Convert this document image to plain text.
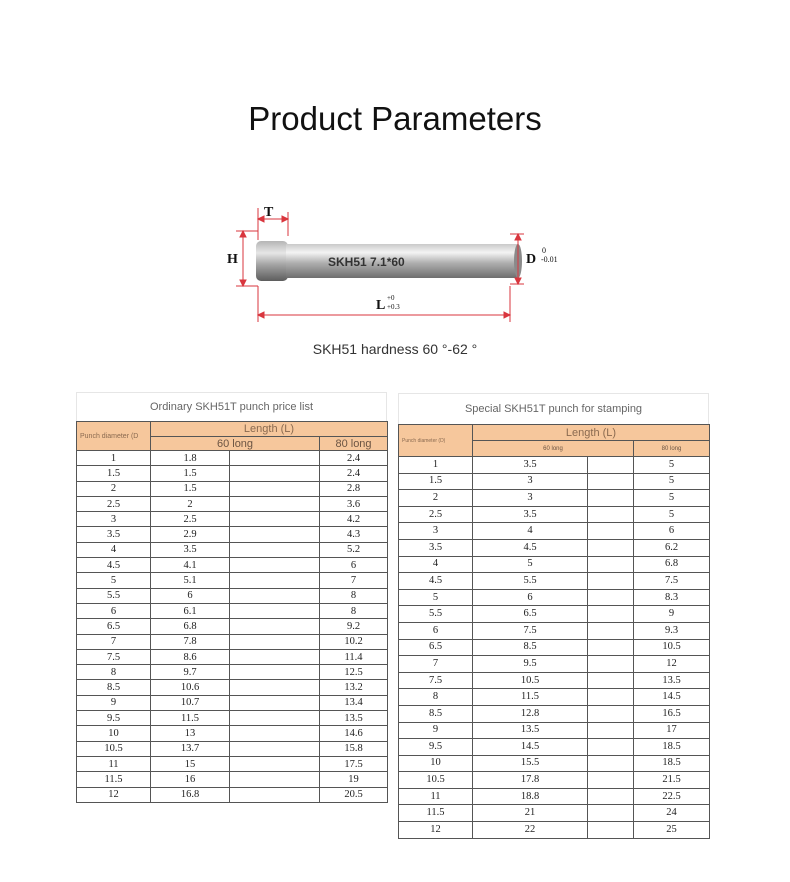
Product Parameters
T
H	SKH51 7.1*60	D
0
-0.01
L +0
+0.3
SKH51 hardness 60 °-62 °
Ordinary SKH51T punch price list
Punch diameter (D	Length (L)		
	60 long		80 long
1	1.8		2.4
1.5	1.5		2.4
2	1.5		2.8
2.5	2		3.6
3	2.5		4.2
3.5	2.9		4.3
4	3.5		5.2
4.5	4.1		6
5	5.1		7
5.5	6		8
6	6.1		8
6.5	6.8		9.2
7	7.8		10.2
7.5	8.6		11.4
8	9.7		12.5
8.5	10.6		13.2
9	10.7		13.4
9.5	11.5		13.5
10	13		14.6
10.5	13.7		15.8
11	15		17.5
11.5	16		19
12	16.8		20.5
Special SKH51T punch for stamping
Punch diameter (D)	Length (L)		
	60 long		80 long
1	3.5		5
1.5	3		5
2	3		5
2.5	3.5		5
3	4		6
3.5	4.5		6.2
4	5		6.8
4.5	5.5		7.5
5	6		8.3
5.5	6.5		9
6	7.5		9.3
6.5	8.5		10.5
7	9.5		12
7.5	10.5		13.5
8	11.5		14.5
8.5	12.8		16.5
9	13.5		17
9.5	14.5		18.5
10	15.5		18.5
10.5	17.8		21.5
11	18.8		22.5
11.5	21		24
12	22		25
